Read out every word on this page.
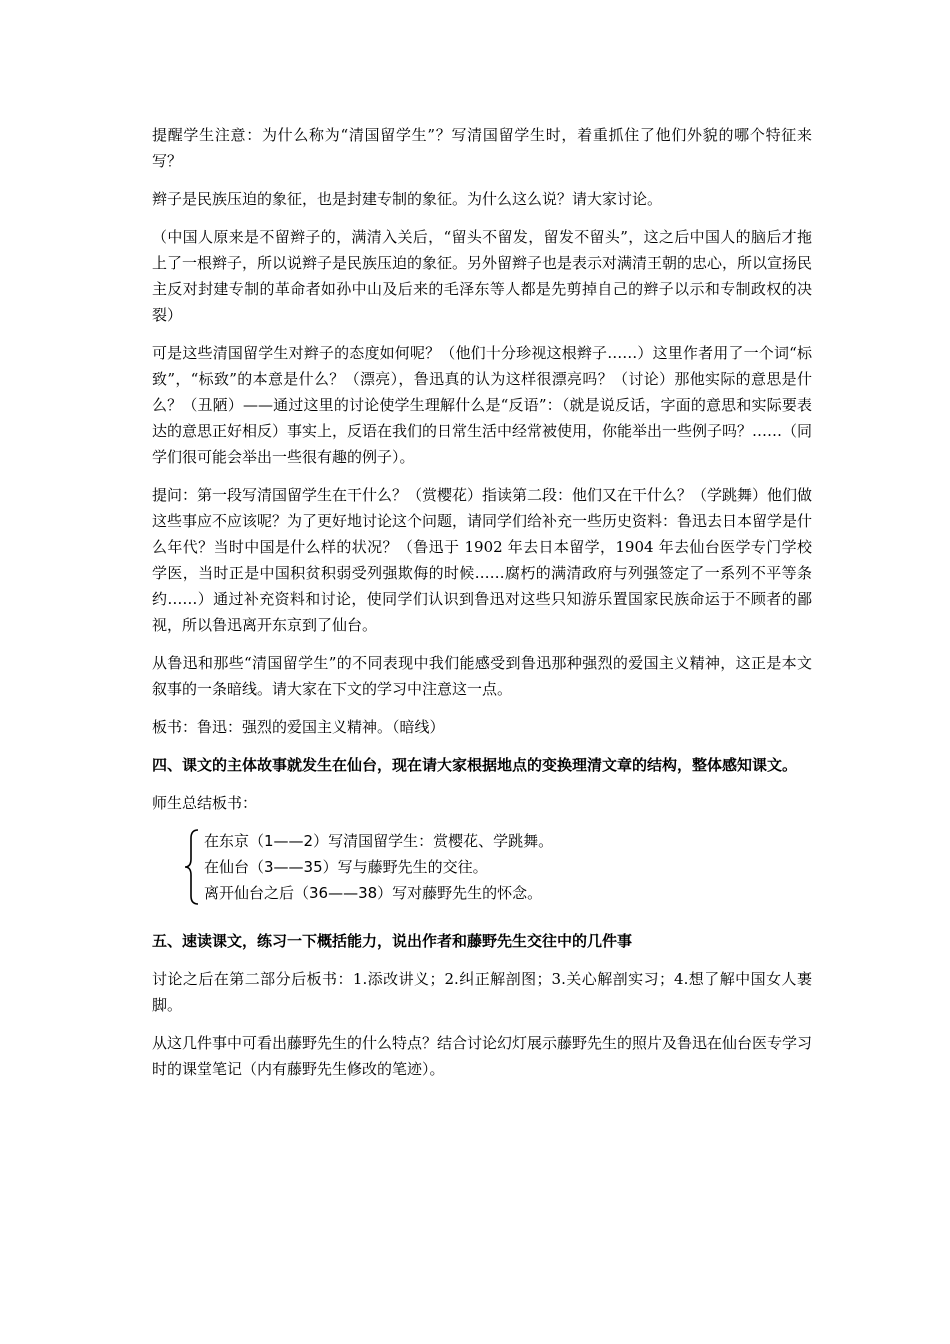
提醒学生注意：为什么称为“清国留学生”？写清国留学生时，着重抓住了他们外貌的哪个特征来写？

辫子是民族压迫的象征，也是封建专制的象征。为什么这么说？请大家讨论。

（中国人原来是不留辫子的，满清入关后，“留头不留发，留发不留头”，这之后中国人的脑后才拖上了一根辫子，所以说辫子是民族压迫的象征。另外留辫子也是表示对满清王朝的忠心，所以宣扬民主反对封建专制的革命者如孙中山及后来的毛泽东等人都是先剪掉自己的辫子以示和专制政权的决裂）

可是这些清国留学生对辫子的态度如何呢？（他们十分珍视这根辫子……）这里作者用了一个词“标致”，“标致”的本意是什么？（漂亮），鲁迅真的认为这样很漂亮吗？（讨论）那他实际的意思是什么？（丑陋）——通过这里的讨论使学生理解什么是“反语”：（就是说反话，字面的意思和实际要表达的意思正好相反）事实上，反语在我们的日常生活中经常被使用，你能举出一些例子吗？……（同学们很可能会举出一些很有趣的例子）。

提问：第一段写清国留学生在干什么？（赏樱花）指读第二段：他们又在干什么？（学跳舞）他们做这些事应不应该呢？为了更好地讨论这个问题，请同学们给补充一些历史资料：鲁迅去日本留学是什么年代？当时中国是什么样的状况？（鲁迅于 1902 年去日本留学，1904 年去仙台医学专门学校学医，当时正是中国积贫积弱受列强欺侮的时候……腐朽的满清政府与列强签定了一系列不平等条约……）通过补充资料和讨论，使同学们认识到鲁迅对这些只知游乐置国家民族命运于不顾者的鄙视，所以鲁迅离开东京到了仙台。

从鲁迅和那些“清国留学生”的不同表现中我们能感受到鲁迅那种强烈的爱国主义精神，这正是本文叙事的一条暗线。请大家在下文的学习中注意这一点。

板书：鲁迅：强烈的爱国主义精神。（暗线）

四、课文的主体故事就发生在仙台，现在请大家根据地点的变换理清文章的结构，整体感知课文。

师生总结板书：

在东京（1——2）写清国留学生：赏樱花、学跳舞。
在仙台（3——35）写与藤野先生的交往。
离开仙台之后（36——38）写对藤野先生的怀念。

五、速读课文，练习一下概括能力，说出作者和藤野先生交往中的几件事

讨论之后在第二部分后板书：1.添改讲义；2.纠正解剖图；3.关心解剖实习；4.想了解中国女人裹脚。

从这几件事中可看出藤野先生的什么特点？结合讨论幻灯展示藤野先生的照片及鲁迅在仙台医专学习时的课堂笔记（内有藤野先生修改的笔迹）。
